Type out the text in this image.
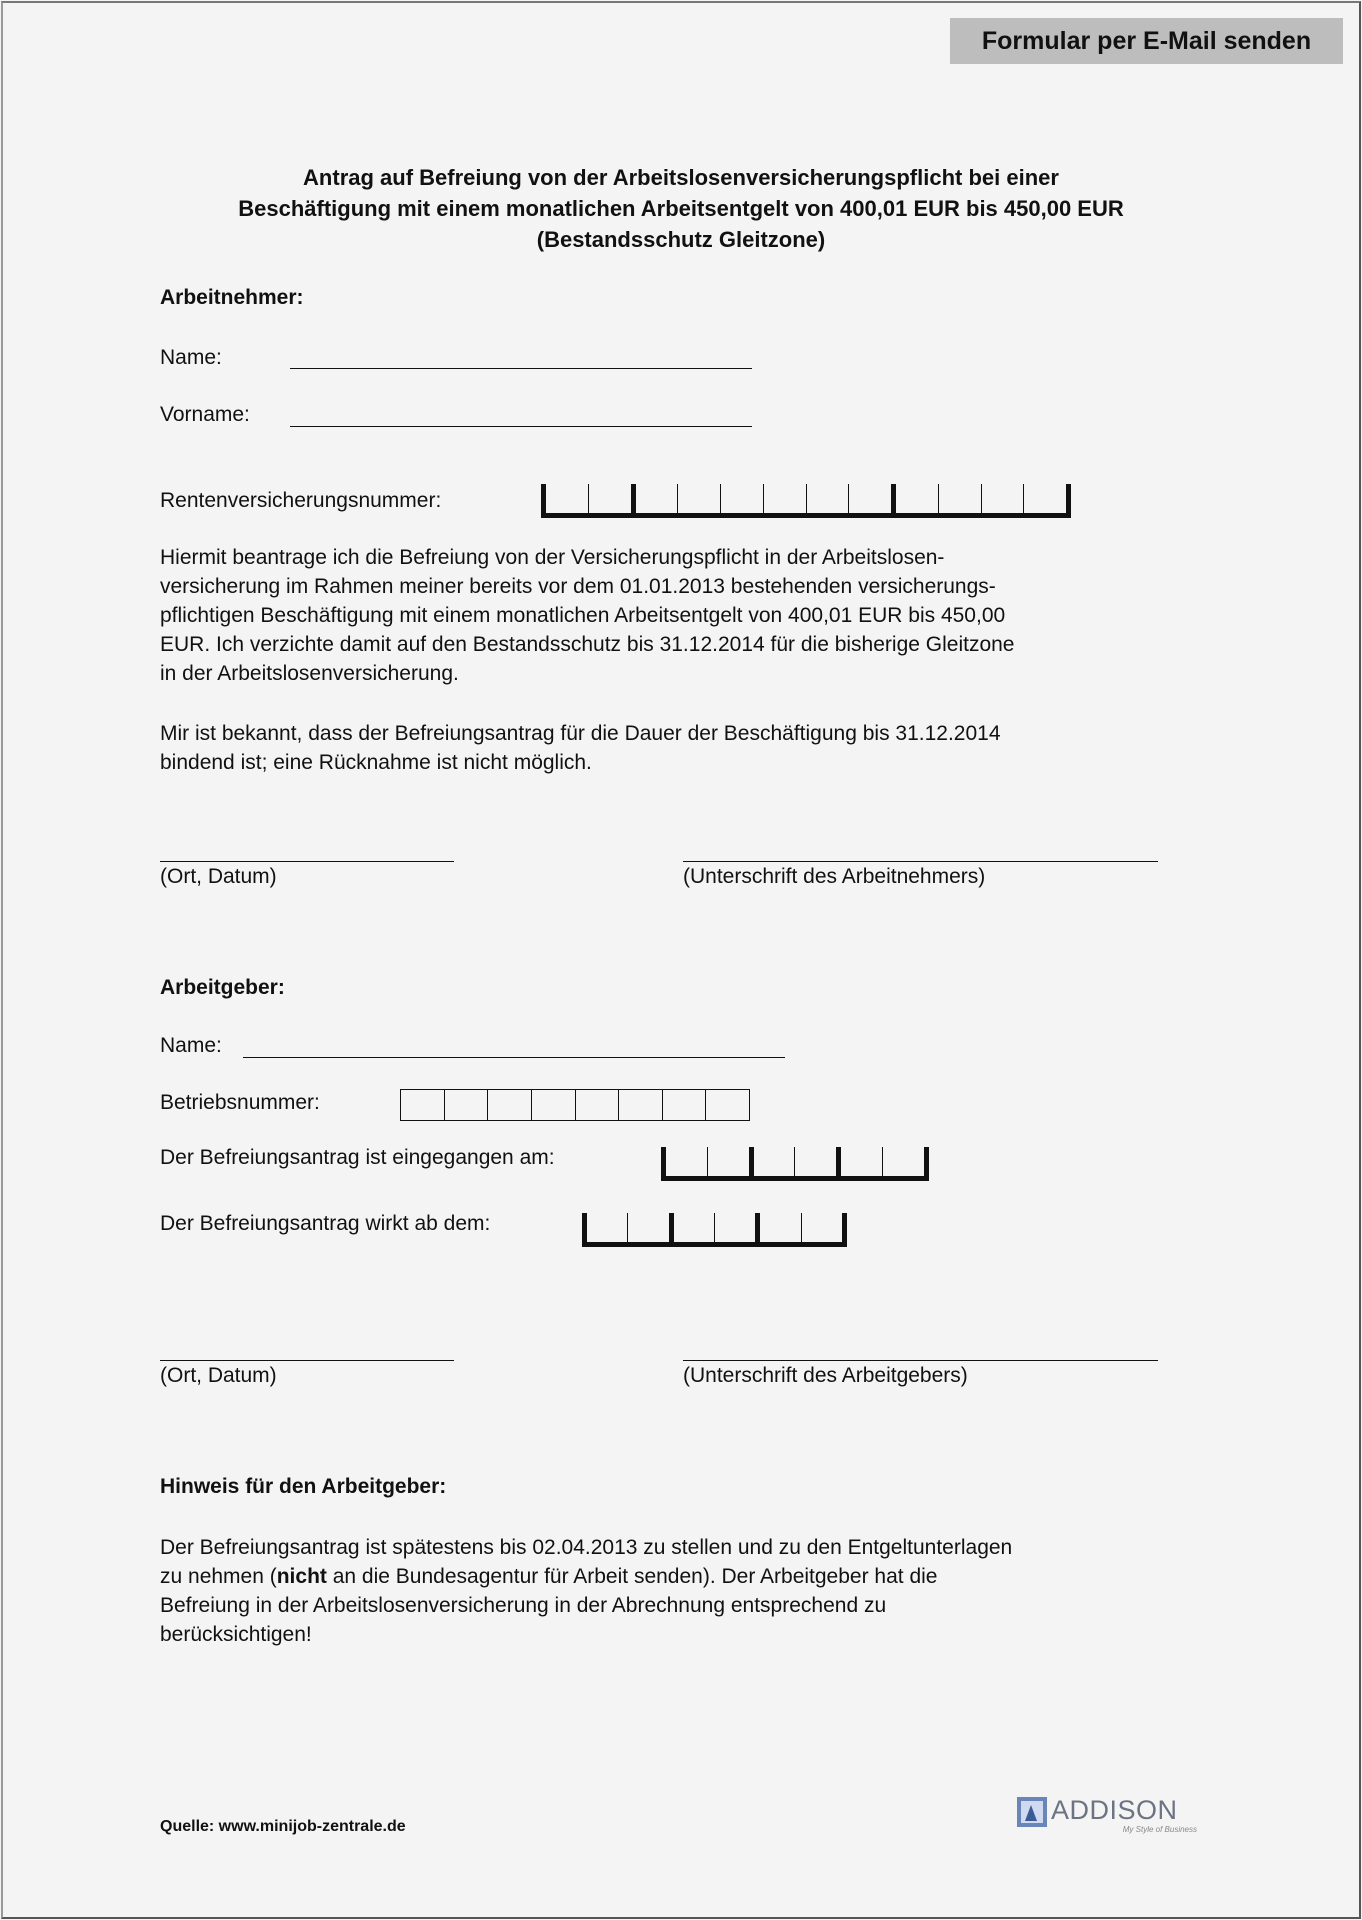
Formular per E-Mail senden
Antrag auf Befreiung von der Arbeitslosenversicherungspflicht bei einer
Beschäftigung mit einem monatlichen Arbeitsentgelt von 400,01 EUR bis 450,00 EUR
(Bestandsschutz Gleitzone)
Arbeitnehmer:
Name:
Vorname:
Rentenversicherungsnummer:
Hiermit beantrage ich die Befreiung von der Versicherungspflicht in der Arbeitslosen-
versicherung im Rahmen meiner bereits vor dem 01.01.2013 bestehenden versicherungs-
pflichtigen Beschäftigung mit einem monatlichen Arbeitsentgelt von 400,01 EUR bis 450,00
EUR. Ich verzichte damit auf den Bestandsschutz bis 31.12.2014 für die bisherige Gleitzone
in der Arbeitslosenversicherung.
Mir ist bekannt, dass der Befreiungsantrag für die Dauer der Beschäftigung bis 31.12.2014
bindend ist; eine Rücknahme ist nicht möglich.
(Ort, Datum)	(Unterschrift des Arbeitnehmers)
Arbeitgeber:
Name:
Betriebsnummer:
Der Befreiungsantrag ist eingegangen am:
Der Befreiungsantrag wirkt ab dem:
(Ort, Datum)	(Unterschrift des Arbeitgebers)
Hinweis für den Arbeitgeber:
Der Befreiungsantrag ist spätestens bis 02.04.2013 zu stellen und zu den Entgeltunterlagen
zu nehmen (nicht an die Bundesagentur für Arbeit senden). Der Arbeitgeber hat die
Befreiung in der Arbeitslosenversicherung in der Abrechnung entsprechend zu
berücksichtigen!
Quelle: www.minijob-zentrale.de
ADDISON
My Style of Business
